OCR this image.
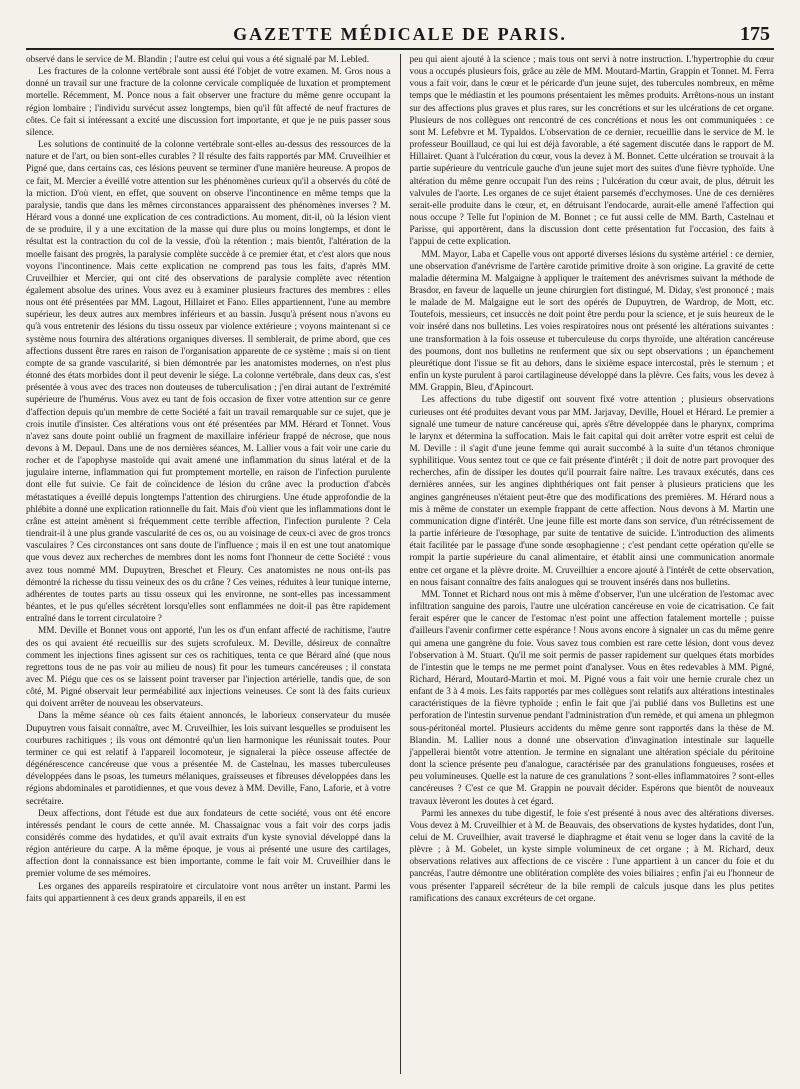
GAZETTE MÉDICALE DE PARIS.	175

observé dans le service de M. Blandin ; l'autre est celui qui vous a été signalé par M. Lebled.

Les fractures de la colonne vertébrale sont aussi été l'objet de votre examen. M. Gros nous a donné un travail sur une fracture de la colonne cervicale compliquée de luxation et promptement mortelle. Récemment, M. Ponce nous a fait observer une fracture du même genre occupant la région lombaire ; l'individu survécut assez longtemps, bien qu'il fût affecté de neuf fractures de côtes. Ce fait si intéressant a excité une discussion fort importante, et que je ne puis passer sous silence.

Les solutions de continuité de la colonne vertébrale sont-elles au-dessus des ressources de la nature et de l'art, ou bien sont-elles curables ? Il résulte des faits rapportés par MM. Cruveilhier et Pigné que, dans certains cas, ces lésions peuvent se terminer d'une manière heureuse. A propos de ce fait, M. Mercier a éveillé votre attention sur les phénomènes curieux qu'il a observés du côté de la miction. D'où vient, en effet, que souvent on observe l'incontinence en même temps que la paralysie, tandis que dans les mêmes circonstances apparaissent des phénomènes inverses ? M. Hérard vous a donné une explication de ces contradictions. Au moment, dit-il, où la lésion vient de se produire, il y a une excitation de la masse qui dure plus ou moins longtemps, et dont le résultat est la contraction du col de la vessie, d'où la rétention ; mais bientôt, l'altération de la moelle faisant des progrès, la paralysie complète succède à ce premier état, et c'est alors que nous voyons l'incontinence. Mais cette explication ne comprend pas tous les faits, d'après MM. Cruveilhier et Mercier, qui ont cité des observations de paralysie complète avec rétention également absolue des urines. Vous avez eu à examiner plusieurs fractures des membres : elles nous ont été présentées par MM. Lagout, Hillairet et Fano. Elles appartiennent, l'une au membre supérieur, les deux autres aux membres inférieurs et au bassin. Jusqu'à présent nous n'avons eu qu'à vous entretenir des lésions du tissu osseux par violence extérieure ; voyons maintenant si ce système nous fournira des altérations organiques diverses. Il semblerait, de prime abord, que ces affections dussent être rares en raison de l'organisation apparente de ce système ; mais si on tient compte de sa grande vascularité, si bien démontrée par les anatomistes modernes, on n'est plus étonné des états morbides dont il peut devenir le siége. La colonne vertébrale, dans deux cas, s'est présentée à vous avec des traces non douteuses de tuberculisation ; j'en dirai autant de l'extrémité supérieure de l'humérus. Vous avez eu tant de fois occasion de fixer votre attention sur ce genre d'affection depuis qu'un membre de cette Société a fait un travail remarquable sur ce sujet, que je crois inutile d'insister. Ces altérations vous ont été présentées par MM. Hérard et Tonnet. Vous n'avez sans doute point oublié un fragment de maxillaire inférieur frappé de nécrose, que nous devons à M. Depaul. Dans une de nos dernières séances, M. Lallier vous a fait voir une carie du rocher et de l'apophyse mastoïde qui avait amené une inflammation du sinus latéral et de la jugulaire interne, inflammation qui fut promptement mortelle, en raison de l'infection purulente dont elle fut suivie. Ce fait de coïncidence de lésion du crâne avec la production d'abcès métastatiques a éveillé depuis longtemps l'attention des chirurgiens. Une étude approfondie de la phlébite a donné une explication rationnelle du fait. Mais d'où vient que les inflammations dont le crâne est atteint amènent si fréquemment cette terrible affection, l'infection purulente ? Cela tiendrait-il à une plus grande vascularité de ces os, ou au voisinage de ceux-ci avec de gros troncs vasculaires ? Ces circonstances ont sans doute de l'influence ; mais il en est une tout anatomique que vous devez aux recherches de membres dont les noms font l'honneur de cette Société : vous avez tous nommé MM. Dupuytren, Breschet et Fleury. Ces anatomistes ne nous ont-ils pas démontré la richesse du tissu veineux des os du crâne ? Ces veines, réduites à leur tunique interne, adhérentes de toutes parts au tissu osseux qui les environne, ne sont-elles pas incessamment béantes, et le pus qu'elles sécrètent lorsqu'elles sont enflammées ne doit-il pas être rapidement entraîné dans le torrent circulatoire ?

MM. Deville et Bonnet vous ont apporté, l'un les os d'un enfant affecté de rachitisme, l'autre des os qui avaient été recueillis sur des sujets scrofuleux. M. Deville, désireux de connaître comment les injections fines agissent sur ces os rachitiques, tenta ce que Bérard aîné (que nous regrettons tous de ne pas voir au milieu de nous) fit pour les tumeurs cancéreuses ; il constata avec M. Piégu que ces os se laissent point traverser par l'injection artérielle, tandis que, de son côté, M. Pigné observait leur perméabilité aux injections veineuses. Ce sont là des faits curieux qui doivent arrêter de nouveau les observateurs.

Dans la même séance où ces faits étaient annoncés, le laborieux conservateur du musée Dupuytren vous faisait connaître, avec M. Cruveilhier, les lois suivant lesquelles se produisent les courbures rachitiques ; ils vous ont démontré qu'un lien harmonique les réunissait toutes. Pour terminer ce qui est relatif à l'appareil locomoteur, je signalerai la pièce osseuse affectée de dégénérescence cancéreuse que vous a présentée M. de Castelnau, les masses tuberculeuses développées dans le psoas, les tumeurs mélaniques, graisseuses et fibreuses développées dans les régions abdominales et parotidiennes, et que vous devez à MM. Deville, Fano, Laforie, et à votre secrétaire.

Deux affections, dont l'étude est due aux fondateurs de cette société, vous ont été encore intéressés pendant le cours de cette année. M. Chassaignac vous a fait voir des corps jadis considérés comme des hydatides, et qu'il avait extraits d'un kyste synovial développé dans la région antérieure du carpe. A la même époque, je vous ai présenté une usure des cartilages, affection dont la connaissance est bien importante, comme le fait voir M. Cruveilhier dans le premier volume de ses mémoires.

Les organes des appareils respiratoire et circulatoire vont nous arrêter un instant. Parmi les faits qui appartiennent à ces deux grands appareils, il en est

peu qui aient ajouté à la science ; mais tous ont servi à notre instruction. L'hypertrophie du cœur vous a occupés plusieurs fois, grâce au zèle de MM. Moutard-Martin, Grappin et Tonnet. M. Ferra vous a fait voir, dans le cœur et le péricarde d'un jeune sujet, des tubercules nombreux, en même temps que le médiastin et les poumons présentaient les mêmes produits. Arrêtons-nous un instant sur des affections plus graves et plus rares, sur les concrétions et sur les ulcérations de cet organe. Plusieurs de nos collègues ont rencontré de ces concrétions et nous les ont communiquées : ce sont M. Lefebvre et M. Typaldos. L'observation de ce dernier, recueillie dans le service de M. le professeur Bouillaud, ce qui lui est déjà favorable, a été sagement discutée dans le rapport de M. Hillairet. Quant à l'ulcération du cœur, vous la devez à M. Bonnet. Cette ulcération se trouvait à la partie supérieure du ventricule gauche d'un jeune sujet mort des suites d'une fièvre typhoïde. Une altération du même genre occupait l'un des reins ; l'ulcération du cœur avait, de plus, détruit les valvules de l'aorte. Les organes de ce sujet étaient parsemés d'ecchymoses. Une de ces dernières serait-elle produite dans le cœur, et, en détruisant l'endocarde, aurait-elle amené l'affection qui nous occupe ? Telle fut l'opinion de M. Bonnet ; ce fut aussi celle de MM. Barth, Castelnau et Parisse, qui apportèrent, dans la discussion dont cette présentation fut l'occasion, des faits à l'appui de cette explication.

MM. Mayor, Laba et Capelle vous ont apporté diverses lésions du système artériel : ce dernier, une observation d'anévrisme de l'artère carotide primitive droite à son origine. La gravité de cette maladie détermina M. Malgaigne à appliquer le traitement des anévrismes suivant la méthode de Brasdor, en faveur de laquelle un jeune chirurgien fort distingué, M. Diday, s'est prononcé ; mais le malade de M. Malgaigne eut le sort des opérés de Dupuytren, de Wardrop, de Mott, etc. Toutefois, messieurs, cet insuccès ne doit point être perdu pour la science, et je suis heureux de le voir inséré dans nos bulletins. Les voies respiratoires nous ont présenté les altérations suivantes : une transformation à la fois osseuse et tuberculeuse du corps thyroïde, une altération cancéreuse des poumons, dont nos bulletins ne renferment que six ou sept observations ; un épanchement pleurétique dont l'issue se fit au dehors, dans le sixième espace intercostal, près le sternum ; et enfin un kyste purulent à paroi cartilagineuse développé dans la plèvre. Ces faits, vous les devez à MM. Grappin, Bleu, d'Apincourt.

Les affections du tube digestif ont souvent fixé votre attention ; plusieurs observations curieuses ont été produites devant vous par MM. Jarjavay, Deville, Houel et Hérard. Le premier a signalé une tumeur de nature cancéreuse qui, après s'être développée dans le pharynx, comprima le larynx et détermina la suffocation. Mais le fait capital qui doit arrêter votre esprit est celui de M. Deville : il s'agit d'une jeune femme qui aurait succombé à la suite d'un tétanos chronique syphilitique. Vous sentez tout ce que ce fait présente d'intérêt ; il doit de notre part provoquer des recherches, afin de dissiper les doutes qu'il pourrait faire naître. Les travaux exécutés, dans ces dernières années, sur les angines diphthériques ont fait penser à plusieurs praticiens que les angines gangréneuses n'étaient peut-être que des modifications des premières. M. Hérard nous a mis à même de constater un exemple frappant de cette affection. Nous devons à M. Martin une communication digne d'intérêt. Une jeune fille est morte dans son service, d'un rétrécissement de la partie inférieure de l'œsophage, par suite de tentative de suicide. L'introduction des aliments était facilitée par le passage d'une sonde œsophagienne ; c'est pendant cette opération qu'elle se rompit la partie supérieure du canal alimentaire, et établit ainsi une communication anormale entre cet organe et la plèvre droite. M. Cruveilhier a encore ajouté à l'intérêt de cette observation, en nous faisant connaître des faits analogues qui se trouvent insérés dans nos bulletins.

MM. Tonnet et Richard nous ont mis à même d'observer, l'un une ulcération de l'estomac avec infiltration sanguine des parois, l'autre une ulcération cancéreuse en voie de cicatrisation. Ce fait ferait espérer que le cancer de l'estomac n'est point une affection fatalement mortelle ; puisse d'ailleurs l'avenir confirmer cette espérance ! Nous avons encore à signaler un cas du même genre qui amena une gangrène du foie. Vous savez tous combien est rare cette lésion, dont vous devez l'observation à M. Stuart. Qu'il me soit permis de passer rapidement sur quelques états morbides de l'intestin que le temps ne me permet point d'analyser. Vous en êtes redevables à MM. Pigné, Richard, Hérard, Moutard-Martin et moi. M. Pigné vous a fait voir une hernie crurale chez un enfant de 3 à 4 mois. Les faits rapportés par mes collègues sont relatifs aux altérations intestinales caractéristiques de la fièvre typhoïde ; enfin le fait que j'ai publié dans vos Bulletins est une perforation de l'intestin survenue pendant l'administration d'un remède, et qui amena un phlegmon sous-péritonéal mortel. Plusieurs accidents du même genre sont rapportés dans la thèse de M. Blandin. M. Lallier nous a donné une observation d'invagination intestinale sur laquelle j'appellerai bientôt votre attention. Je termine en signalant une altération spéciale du péritoine dont la science présente peu d'analogue, caractérisée par des granulations fongueuses, rosées et peu volumineuses. Quelle est la nature de ces granulations ? sont-elles inflammatoires ? sont-elles cancéreuses ? C'est ce que M. Grappin ne pouvait décider. Espérons que bientôt de nouveaux travaux lèveront les doutes à cet égard.

Parmi les annexes du tube digestif, le foie s'est présenté à nous avec des altérations diverses. Vous devez à M. Cruveilhier et à M. de Beauvais, des observations de kystes hydatides, dont l'un, celui de M. Cruveilhier, avait traversé le diaphragme et était venu se loger dans la cavité de la plèvre ; à M. Gobelet, un kyste simple volumineux de cet organe ; à M. Richard, deux observations relatives aux affections de ce viscère : l'une appartient à un cancer du foie et du pancréas, l'autre démontre une oblitération complète des voies biliaires ; enfin j'ai eu l'honneur de vous présenter l'appareil sécréteur de la bile rempli de calculs jusque dans les plus petites ramifications des canaux excréteurs de cet organe.
